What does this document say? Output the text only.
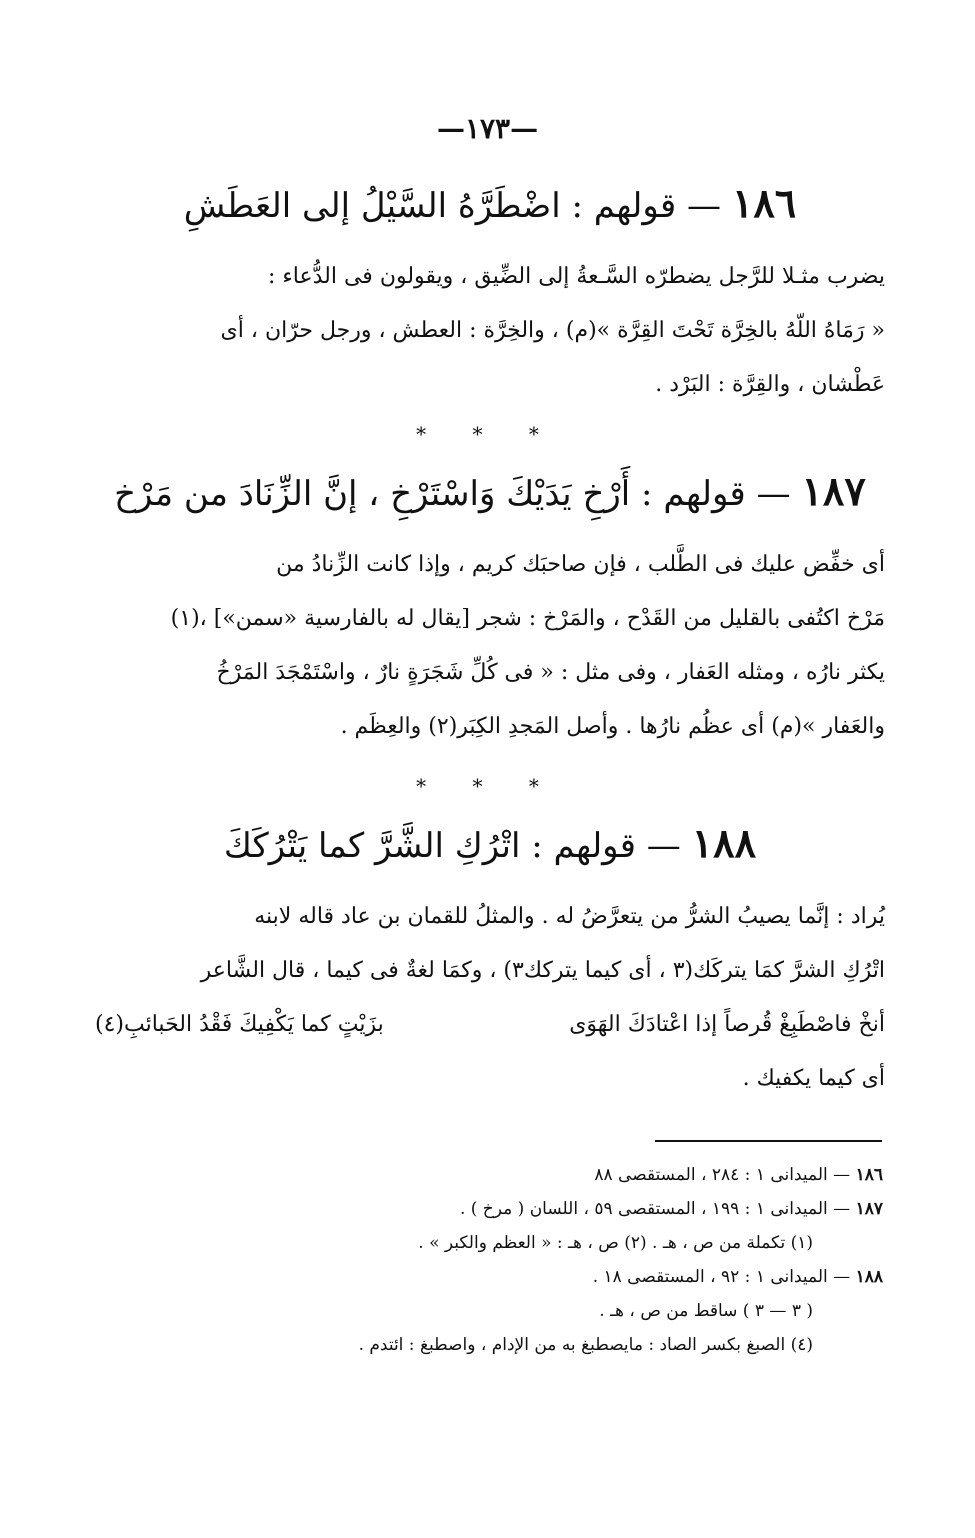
—١٧٣—
١٨٦ — قولهم : اضْطَرَّهُ السَّيْلُ إلى العَطَشِ

يضرب مثـلا للرَّجل يضطرّه السَّـعةُ إلى الضِّيق ، ويقولون فى الدُّعاء :

« رَمَاهُ اللّهُ بالخِرَّة تَحْتَ القِرَّة »(م) ، والخِرَّة : العطش ، ورجل حرّان ، أى

عَطْشان ، والقِرَّة : البَرْد .

* * *
١٨٧ — قولهم : أَرْخِ يَدَيْكَ وَاسْتَرْخِ ، إنَّ الزِّنَادَ من مَرْخ

أى خفِّض عليك فى الطَّلب ، فإن صاحبَك كريم ، وإذا كانت الزِّنادُ من

مَرْخ اكتُفى بالقليل من القَدْح ، والمَرْخ : شجر [يقال له بالفارسية «سمن»] ،(١)

يكثر نارُه ، ومثله العَفار ، وفى مثل : « فى كُلِّ شَجَرَةٍ نارٌ ، واسْتَمْجَدَ المَرْخُ

والعَفار »(م) أى عظُم نارُها . وأصل المَجدِ الكِبَر(٢) والعِظَم .

* * *
١٨٨ — قولهم : اتْرُكِ الشَّرَّ كما يَتْرُكَكَ

يُراد : إنَّما يصيبُ الشرُّ من يتعرَّضُ له . والمثلُ للقمان بن عاد قاله لابنه

اتْرُكِ الشرَّ كمَا يتركَك(٣ ، أى كيما يتركك٣) ، وكمَا لغةٌ فى كيما ، قال الشَّاعر

أنخْ فاصْطَبِغْ قُرصاً إذا اعْتادَكَ الهَوَى
بزَيْتٍ كما يَكْفِيكَ فَقْدُ الحَبائبِ(٤)

أى كيما يكفيك .

١٨٦ — الميدانى ١ : ٢٨٤ ، المستقصى ٨٨

١٨٧ — الميدانى ١ : ١٩٩ ، المستقصى ٥٩ ، اللسان ( مرخ ) .

(١) تكملة من ص ، هـ . (٢) ص ، هـ : « العظم والكبر » .

١٨٨ — الميدانى ١ : ٩٢ ، المستقصى ١٨ .

( ٣ — ٣ ) ساقط من ص ، هـ .

(٤) الصبغ بكسر الصاد : مايصطبغ به من الإدام ، واصطبغ : ائتدم .
